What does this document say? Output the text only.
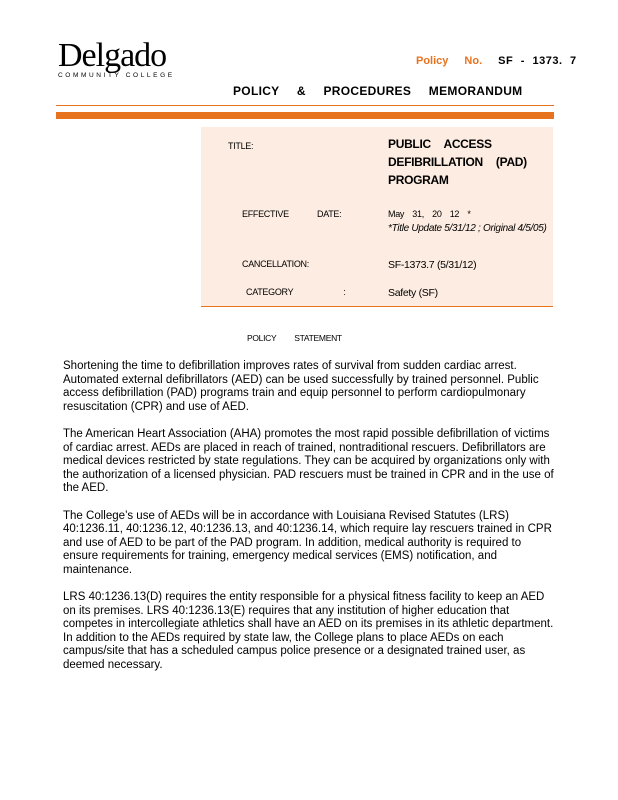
Delgado
COMMUNITY COLLEGE
Policy No. SF - 1373. 7
POLICY & PROCEDURES MEMORANDUM
TITLE:	PUBLIC ACCESS DEFIBRILLATION (PAD) PROGRAM
EFFECTIVE DATE:	May 31, 20 12 *
*Title Update 5/31/12 ; Original 4/5/05)
CANCELLATION:	SF-1373.7 (5/31/12)
CATEGORY :	Safety (SF)
POLICY STATEMENT

Shortening the time to defibrillation improves rates of survival from sudden cardiac arrest. Automated external defibrillators (AED) can be used successfully by trained personnel. Public access defibrillation (PAD) programs train and equip personnel to perform cardiopulmonary resuscitation (CPR) and use of AED.

The American Heart Association (AHA) promotes the most rapid possible defibrillation of victims of cardiac arrest. AEDs are placed in reach of trained, nontraditional rescuers. Defibrillators are medical devices restricted by state regulations. They can be acquired by organizations only with the authorization of a licensed physician. PAD rescuers must be trained in CPR and in the use of the AED.

The College’s use of AEDs will be in accordance with Louisiana Revised Statutes (LRS) 40:1236.11, 40:1236.12, 40:1236.13, and 40:1236.14, which require lay rescuers trained in CPR and use of AED to be part of the PAD program. In addition, medical authority is required to ensure requirements for training, emergency medical services (EMS) notification, and maintenance.

LRS 40:1236.13(D) requires the entity responsible for a physical fitness facility to keep an AED on its premises. LRS 40:1236.13(E) requires that any institution of higher education that competes in intercollegiate athletics shall have an AED on its premises in its athletic department. In addition to the AEDs required by state law, the College plans to place AEDs on each campus/site that has a scheduled campus police presence or a designated trained user, as deemed necessary.
